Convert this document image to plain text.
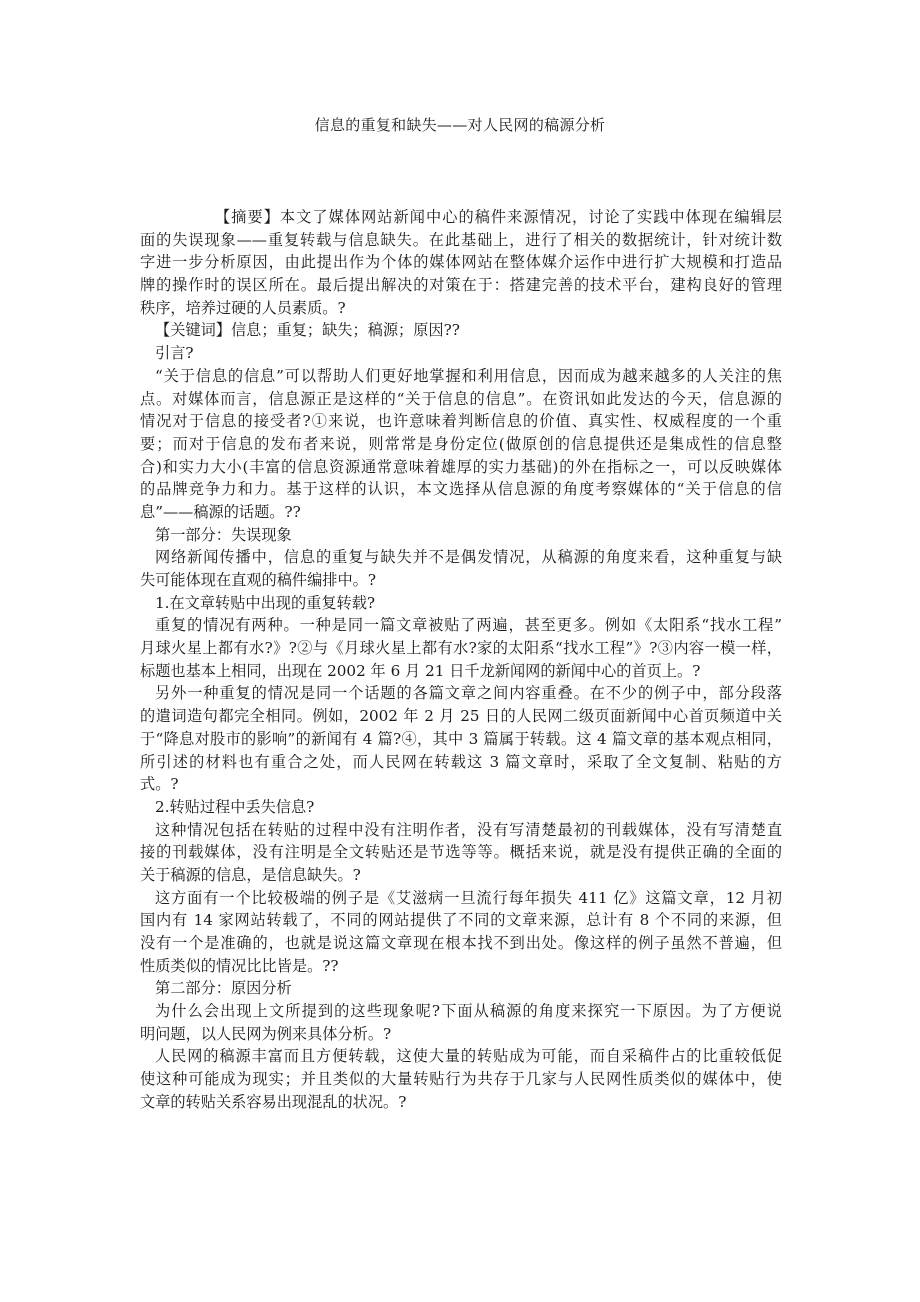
信息的重复和缺失——对人民网的稿源分析
【摘要】本文了媒体网站新闻中心的稿件来源情况，讨论了实践中体现在编辑层
面的失误现象——重复转载与信息缺失。在此基础上，进行了相关的数据统计，针对统计数
字进一步分析原因，由此提出作为个体的媒体网站在整体媒介运作中进行扩大规模和打造品
牌的操作时的误区所在。最后提出解决的对策在于：搭建完善的技术平台，建构良好的管理
秩序，培养过硬的人员素质。?
【关键词】信息；重复；缺失；稿源；原因??
引言?
“关于信息的信息”可以帮助人们更好地掌握和利用信息，因而成为越来越多的人关注的焦
点。对媒体而言，信息源正是这样的“关于信息的信息”。在资讯如此发达的今天，信息源的
情况对于信息的接受者?①来说，也许意味着判断信息的价值、真实性、权威程度的一个重
要；而对于信息的发布者来说，则常常是身份定位(做原创的信息提供还是集成性的信息整
合)和实力大小(丰富的信息资源通常意味着雄厚的实力基础)的外在指标之一，可以反映媒体
的品牌竞争力和力。基于这样的认识，本文选择从信息源的角度考察媒体的“关于信息的信
息”——稿源的话题。??
第一部分：失误现象
网络新闻传播中，信息的重复与缺失并不是偶发情况，从稿源的角度来看，这种重复与缺
失可能体现在直观的稿件编排中。?
1.在文章转贴中出现的重复转载?
重复的情况有两种。一种是同一篇文章被贴了两遍，甚至更多。例如《太阳系“找水工程”
月球火星上都有水?》?②与《月球火星上都有水?家的太阳系“找水工程”》?③内容一模一样，
标题也基本上相同，出现在 2002 年 6 月 21 日千龙新闻网的新闻中心的首页上。?
另外一种重复的情况是同一个话题的各篇文章之间内容重叠。在不少的例子中，部分段落
的遣词造句都完全相同。例如，2002 年 2 月 25 日的人民网二级页面新闻中心首页频道中关
于“降息对股市的影响”的新闻有 4 篇?④，其中 3 篇属于转载。这 4 篇文章的基本观点相同，
所引述的材料也有重合之处，而人民网在转载这 3 篇文章时，采取了全文复制、粘贴的方
式。?
2.转贴过程中丢失信息?
这种情况包括在转贴的过程中没有注明作者，没有写清楚最初的刊载媒体，没有写清楚直
接的刊载媒体，没有注明是全文转贴还是节选等等。概括来说，就是没有提供正确的全面的
关于稿源的信息，是信息缺失。?
这方面有一个比较极端的例子是《艾滋病一旦流行每年损失 411 亿》这篇文章，12 月初
国内有 14 家网站转载了，不同的网站提供了不同的文章来源，总计有 8 个不同的来源，但
没有一个是准确的，也就是说这篇文章现在根本找不到出处。像这样的例子虽然不普遍，但
性质类似的情况比比皆是。??
第二部分：原因分析
为什么会出现上文所提到的这些现象呢?下面从稿源的角度来探究一下原因。为了方便说
明问题，以人民网为例来具体分析。?
人民网的稿源丰富而且方便转载，这使大量的转贴成为可能，而自采稿件占的比重较低促
使这种可能成为现实；并且类似的大量转贴行为共存于几家与人民网性质类似的媒体中，使
文章的转贴关系容易出现混乱的状况。?
